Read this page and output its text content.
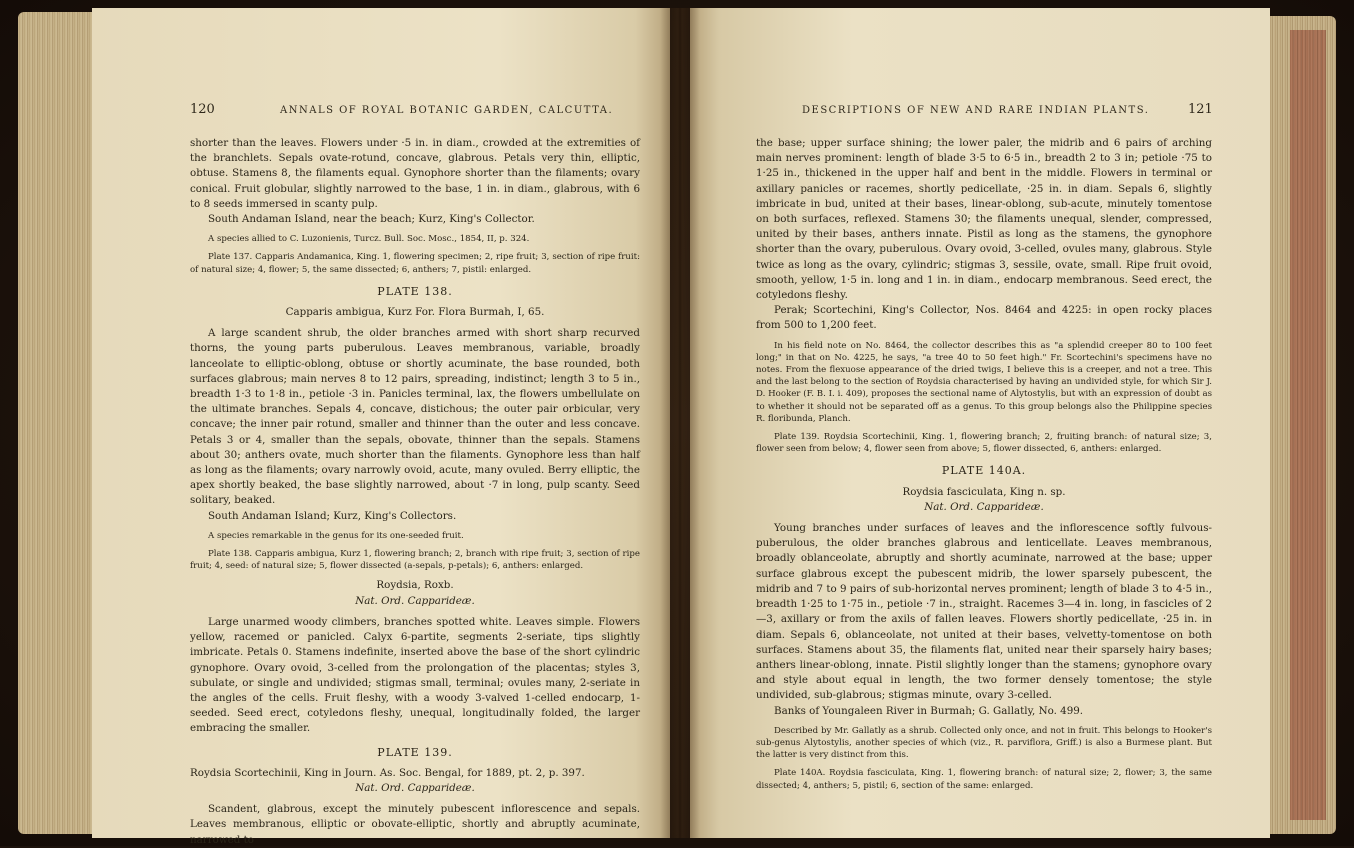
120	ANNALS OF ROYAL BOTANIC GARDEN, CALCUTTA.

shorter than the leaves. Flowers under ·5 in. in diam., crowded at the extremities of the branchlets. Sepals ovate-rotund, concave, glabrous. Petals very thin, elliptic, obtuse. Stamens 8, the filaments equal. Gynophore shorter than the filaments; ovary conical. Fruit globular, slightly narrowed to the base, 1 in. in diam., glabrous, with 6 to 8 seeds immersed in scanty pulp.

South Andaman Island, near the beach; Kurz, King's Collector.

A species allied to C. Luzonienis, Turcz. Bull. Soc. Mosc., 1854, II, p. 324.

Plate 137. Capparis Andamanica, King. 1, flowering specimen; 2, ripe fruit; 3, section of ripe fruit: of natural size; 4, flower; 5, the same dissected; 6, anthers; 7, pistil: enlarged.

PLATE 138.

Capparis ambigua, Kurz For. Flora Burmah, I, 65.

A large scandent shrub, the older branches armed with short sharp recurved thorns, the young parts puberulous. Leaves membranous, variable, broadly lanceolate to elliptic-oblong, obtuse or shortly acuminate, the base rounded, both surfaces glabrous; main nerves 8 to 12 pairs, spreading, indistinct; length 3 to 5 in., breadth 1·3 to 1·8 in., petiole ·3 in. Panicles terminal, lax, the flowers umbellulate on the ultimate branches. Sepals 4, concave, distichous; the outer pair orbicular, very concave; the inner pair rotund, smaller and thinner than the outer and less concave. Petals 3 or 4, smaller than the sepals, obovate, thinner than the sepals. Stamens about 30; anthers ovate, much shorter than the filaments. Gynophore less than half as long as the filaments; ovary narrowly ovoid, acute, many ovuled. Berry elliptic, the apex shortly beaked, the base slightly narrowed, about ·7 in long, pulp scanty. Seed solitary, beaked.

South Andaman Island; Kurz, King's Collectors.

A species remarkable in the genus for its one-seeded fruit.

Plate 138. Capparis ambigua, Kurz 1, flowering branch; 2, branch with ripe fruit; 3, section of ripe fruit; 4, seed: of natural size; 5, flower dissected (a-sepals, p-petals); 6, anthers: enlarged.

Roydsia, Roxb.

Nat. Ord. Capparideæ.

Large unarmed woody climbers, branches spotted white. Leaves simple. Flowers yellow, racemed or panicled. Calyx 6-partite, segments 2-seriate, tips slightly imbricate. Petals 0. Stamens indefinite, inserted above the base of the short cylindric gynophore. Ovary ovoid, 3-celled from the prolongation of the placentas; styles 3, subulate, or single and undivided; stigmas small, terminal; ovules many, 2-seriate in the angles of the cells. Fruit fleshy, with a woody 3-valved 1-celled endocarp, 1-seeded. Seed erect, cotyledons fleshy, unequal, longitudinally folded, the larger embracing the smaller.

PLATE 139.

Roydsia Scortechinii, King in Journ. As. Soc. Bengal, for 1889, pt. 2, p. 397.

Nat. Ord. Capparideæ.

Scandent, glabrous, except the minutely pubescent inflorescence and sepals. Leaves membranous, elliptic or obovate-elliptic, shortly and abruptly acuminate, narrowed to

DESCRIPTIONS OF NEW AND RARE INDIAN PLANTS.	121

the base; upper surface shining; the lower paler, the midrib and 6 pairs of arching main nerves prominent: length of blade 3·5 to 6·5 in., breadth 2 to 3 in; petiole ·75 to 1·25 in., thickened in the upper half and bent in the middle. Flowers in terminal or axillary panicles or racemes, shortly pedicellate, ·25 in. in diam. Sepals 6, slightly imbricate in bud, united at their bases, linear-oblong, sub-acute, minutely tomentose on both surfaces, reflexed. Stamens 30; the filaments unequal, slender, compressed, united by their bases, anthers innate. Pistil as long as the stamens, the gynophore shorter than the ovary, puberulous. Ovary ovoid, 3-celled, ovules many, glabrous. Style twice as long as the ovary, cylindric; stigmas 3, sessile, ovate, small. Ripe fruit ovoid, smooth, yellow, 1·5 in. long and 1 in. in diam., endocarp membranous. Seed erect, the cotyledons fleshy.

Perak; Scortechini, King's Collector, Nos. 8464 and 4225: in open rocky places from 500 to 1,200 feet.

In his field note on No. 8464, the collector describes this as "a splendid creeper 80 to 100 feet long;" in that on No. 4225, he says, "a tree 40 to 50 feet high." Fr. Scortechini's specimens have no notes. From the flexuose appearance of the dried twigs, I believe this is a creeper, and not a tree. This and the last belong to the section of Roydsia characterised by having an undivided style, for which Sir J. D. Hooker (F. B. I. i. 409), proposes the sectional name of Alytostylis, but with an expression of doubt as to whether it should not be separated off as a genus. To this group belongs also the Philippine species R. floribunda, Planch.

Plate 139. Roydsia Scortechinii, King. 1, flowering branch; 2, fruiting branch: of natural size; 3, flower seen from below; 4, flower seen from above; 5, flower dissected, 6, anthers: enlarged.

PLATE 140A.

Roydsia fasciculata, King n. sp.

Nat. Ord. Capparideæ.

Young branches under surfaces of leaves and the inflorescence softly fulvous-puberulous, the older branches glabrous and lenticellate. Leaves membranous, broadly oblanceolate, abruptly and shortly acuminate, narrowed at the base; upper surface glabrous except the pubescent midrib, the lower sparsely pubescent, the midrib and 7 to 9 pairs of sub-horizontal nerves prominent; length of blade 3 to 4·5 in., breadth 1·25 to 1·75 in., petiole ·7 in., straight. Racemes 3—4 in. long, in fascicles of 2—3, axillary or from the axils of fallen leaves. Flowers shortly pedicellate, ·25 in. in diam. Sepals 6, oblanceolate, not united at their bases, velvetty-tomentose on both surfaces. Stamens about 35, the filaments flat, united near their sparsely hairy bases; anthers linear-oblong, innate. Pistil slightly longer than the stamens; gynophore ovary and style about equal in length, the two former densely tomentose; the style undivided, sub-glabrous; stigmas minute, ovary 3-celled.

Banks of Youngaleen River in Burmah; G. Gallatly, No. 499.

Described by Mr. Gallatly as a shrub. Collected only once, and not in fruit. This belongs to Hooker's sub-genus Alytostylis, another species of which (viz., R. parviflora, Griff.) is also a Burmese plant. But the latter is very distinct from this.

Plate 140A. Roydsia fasciculata, King. 1, flowering branch: of natural size; 2, flower; 3, the same dissected; 4, anthers; 5, pistil; 6, section of the same: enlarged.
